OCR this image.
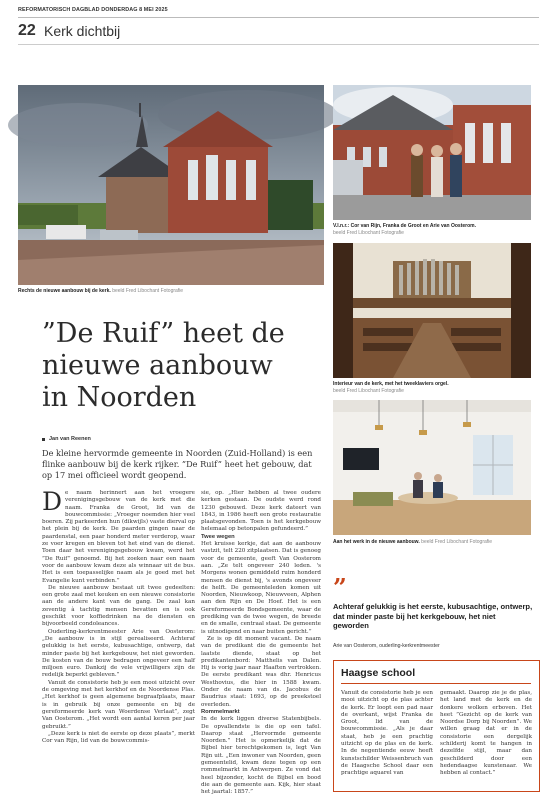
REFORMATORISCH DAGBLAD DONDERDAG 8 MEI 2025
22 Kerk dichtbij
Rechts de nieuwe aanbouw bij de kerk. beeld Fred Libochant Fotografie
V.l.n.r.: Cor van Rijn, Franka de Groot en Arie van Oosterom.
beeld Fred Libochant Fotografie
Interieur van de kerk, met het tweeklaviers orgel.
beeld Fred Libochant Fotografie
Aan het werk in de nieuwe aanbouw. beeld Fred Libochant Fotografie
”De Ruif” heet de nieuwe aanbouw in Noorden
Jan van Reenen
De kleine hervormde gemeente in Noorden (Zuid-Holland) is een flinke aanbouw bij de kerk rijker. ”De Ruif” heet het gebouw, dat op 17 mei officieel wordt geopend.

De naam herinnert aan het vroegere verenigingsgebouw van de kerk met die naam. Franka de Groot, lid van de bouwcommissie: „Vroeger noemden hier veel boeren. Zij parkeerden hun (dikwijls) vaste dierval op het plein bij de kerk. De paarden gingen naar de paardenstal, een paar honderd meter verderop, waar ze voer kregen en bleven tot het eind van de dienst. Toen daar het verenigingsgebouw kwam, werd het ”De Ruif” genoemd. Bij het zoeken naar een naam voor de aanbouw kwam deze als winnaar uit de bus. Het is een toepasselijke naam als je goed met het Evangelie kunt verbinden.”

De nieuwe aanbouw bestaat uit twee gedeelten: een grote zaal met keuken en een nieuwe consistorie aan de andere kant van de gang. De zaal kan zeventig à tachtig mensen bevatten en is ook geschikt voor koffiedrinken na de diensten en bijvoorbeeld condoleances.

Ouderling-kerkrentmeester Arie van Oosterom: „De aanbouw is in stijl gerealiseerd. Achteraf gelukkig is het eerste, kubusachtige, ontwerp, dat minder paste bij het kerkgebouw, het niet geworden. De kosten van de bouw bedragen ongeveer een half miljoen euro. Dankzij de vele vrijwilligers zijn de redelijk beperkt gebleven.”

Vanuit de consistorie heb je een mooi uitzicht over de omgeving met het kerkhof en de Noordense Plas. „Het kerkhof is geen algemene begraafplaats, maar is in gebruik bij onze gemeente en bij de gereformeerde kerk van Woerdense Verlaat”, zegt Van Oosterom. „Het wordt een aantal keren per jaar gebruikt.”

„Deze kerk is niet de eerste op deze plaats”, merkt Cor van Rijn, lid van de bouwcommis-

sie, op. „Hier hebben al twee oudere kerken gestaan. De oudste werd rond 1230 gebouwd. Deze kerk dateert van 1843, in 1986 heeft een grote restauratie plaatsgevonden. Toen is het kerkgebouw helemaal op betonpalen gefundeerd.”

Twee wegen

Het kruisse kerkje, dat aan de aanbouw vastzit, telt 220 zitplaatsen. Dat is genoeg voor de gemeente, geeft Van Oosterom aan. „Ze telt ongeveer 240 leden. 's Morgens wonen gemiddeld ruim honderd mensen de dienst bij, 's avonds ongeveer de helft. De gemeenteleden komen uit Noorden, Nieuwkoop, Nieuwveen, Alphen aan den Rijn en De Hoef. Het is een Gereformeerde Bondsgemeente, waar de prediking van de twee wegen, de breede en de smalle, centraal staat. De gemeente is uitnodigend en naar buiten gericht.”

Ze is op dit moment vacant. De naam van de predikant die de gemeente het laatste diende, staat op het predikantenbord: Matthelis van Dalen. Hij is vorig jaar naar Haaften vertrokken. De eerste predikant was dhr. Henricus Westhovius, die hier in 1588 kwam. Onder de naam van ds. Jacobus de Baudrius staat: 1693, op de preekstoel overleden.

Rommelmarkt

In de kerk liggen diverse Statenbijbels. De opvallendste is die op een tafel. Daarop staat „Hervormde gemeente Noorden.” Het is opmerkelijk dat de Bijbel hier terechtgekomen is, legt Van Rijn uit. „Een inwoner van Noorden, geen gemeentelid, kwam deze tegen op een rommelmarkt in Antwerpen. Ze vond dat heel bijzonder, kocht de Bijbel en bood die aan de gemeente aan. Kijk, hier staat het jaartal: 1857.”

”
Achteraf gelukkig is het eerste, kubusachtige, ontwerp, dat minder paste bij het kerkgebouw, het niet geworden
Arie van Oosterom, ouderling-kerkrentmeester
Haagse school
Vanuit de consistorie heb je een mooi uitzicht op de plas achter de kerk. Er loopt een pad naar de overkant, wijst Franka de Groot, lid van de bouwcommissie. „Als je daar staat, heb je een prachtig uitzicht op de plas en de kerk. In de negentiende eeuw heeft kunstschilder Weissenbruch van de Haagsche School daar een prachtige aquarel van
gemaakt. Daarop zie je de plas, het land met de kerk en de donkere wolken erboven. Het heet ”Gezicht op de kerk van Noordse Dorp bij Noorden”. We willen graag dat er in de consistorie een dergelijk schilderij komt te hangen in dezelfde stijl, maar dan geschilderd door een hedendaagse kunstenaar. We hebben al contact.”
